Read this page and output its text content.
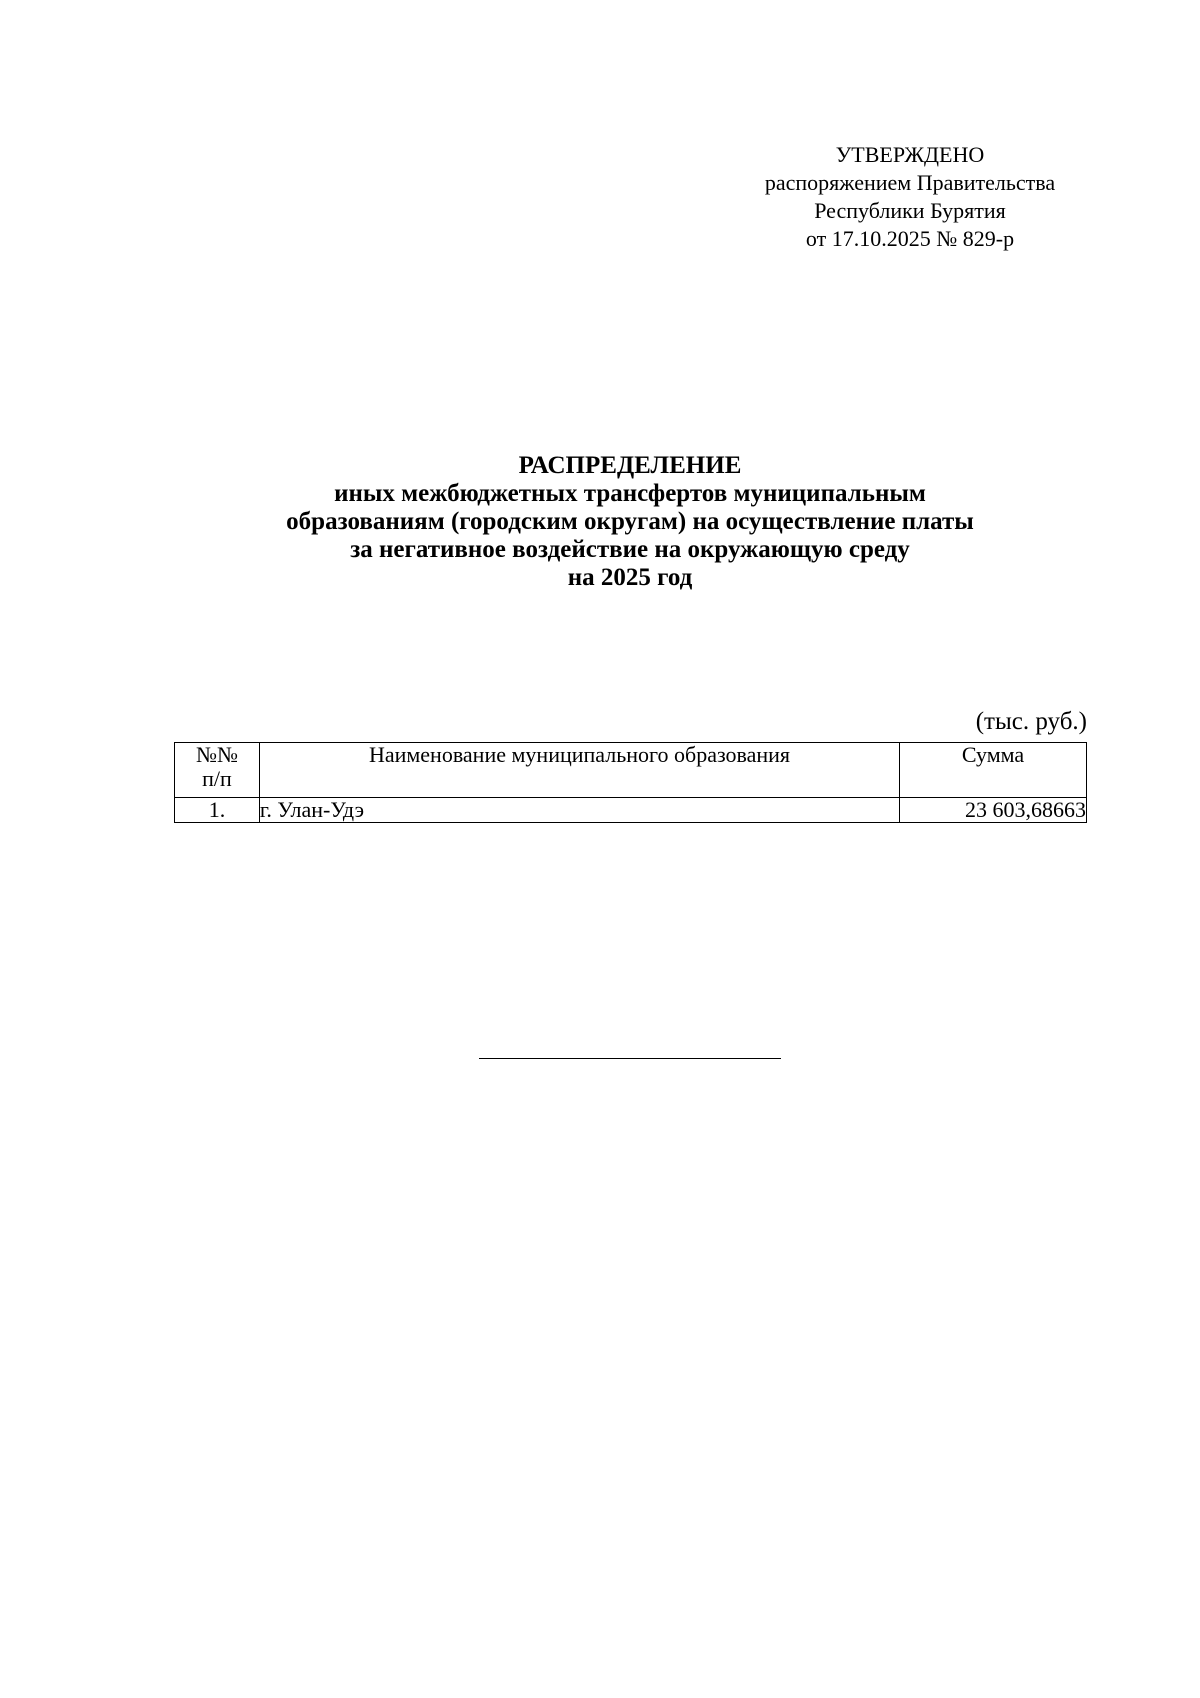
УТВЕРЖДЕНО
распоряжением Правительства
Республики Бурятия
от 17.10.2025 № 829-р
РАСПРЕДЕЛЕНИЕ
иных межбюджетных трансфертов муниципальным
образованиям (городским округам) на осуществление платы
за негативное воздействие на окружающую среду
на 2025 год
(тыс. руб.)
№№
п/п	Наименование муниципального образования	Сумма
1.	г. Улан-Удэ	23 603,68663
